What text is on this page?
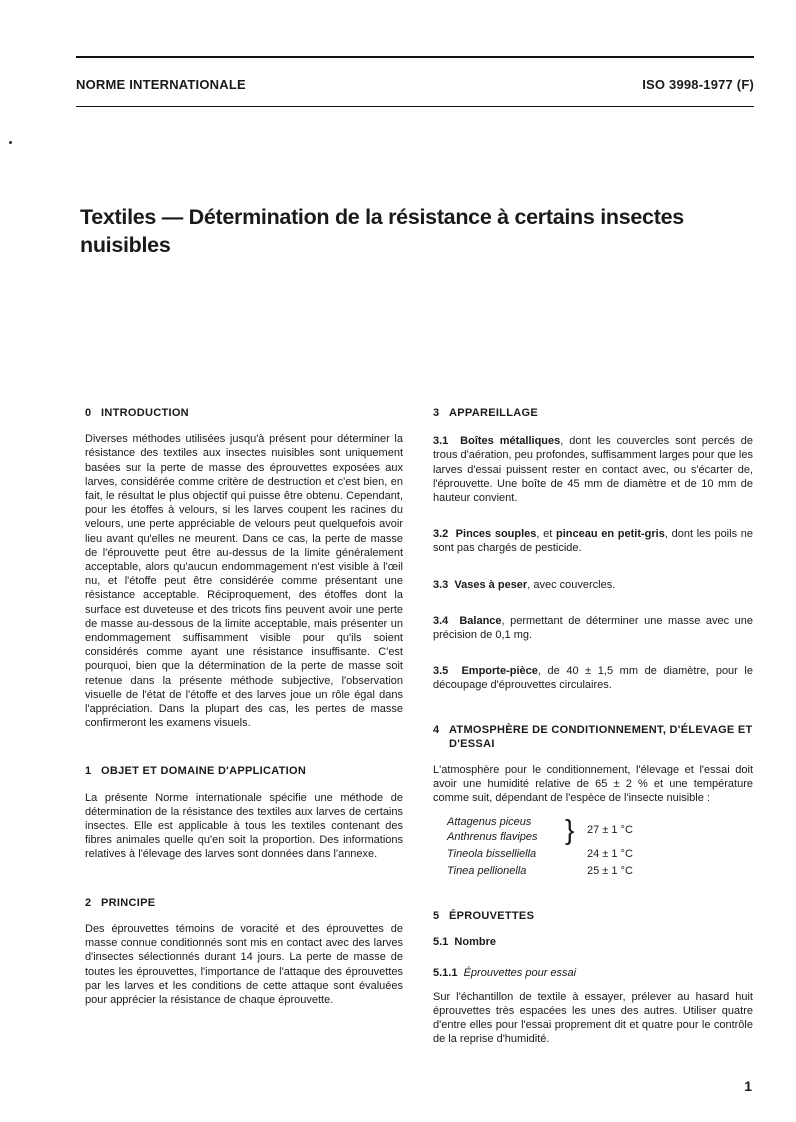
NORME INTERNATIONALE	ISO 3998-1977 (F)
Textiles — Détermination de la résistance à certains insectes nuisibles
0 INTRODUCTION

Diverses méthodes utilisées jusqu'à présent pour déterminer la résistance des textiles aux insectes nuisibles sont uniquement basées sur la perte de masse des éprouvettes exposées aux larves, considérée comme critère de destruction et c'est bien, en fait, le résultat le plus objectif qui puisse être obtenu. Cependant, pour les étoffes à velours, si les larves coupent les racines du velours, une perte appréciable de velours peut quelquefois avoir lieu avant qu'elles ne meurent. Dans ce cas, la perte de masse de l'éprouvette peut être au-dessus de la limite généralement acceptable, alors qu'aucun endommagement n'est visible à l'œil nu, et l'étoffe peut être considérée comme présentant une résistance acceptable. Réciproquement, des étoffes dont la surface est duveteuse et des tricots fins peuvent avoir une perte de masse au-dessous de la limite acceptable, mais présenter un endommagement suffisamment visible pour qu'ils soient considérés comme ayant une résistance insuffisante. C'est pourquoi, bien que la détermination de la perte de masse soit retenue dans la présente méthode subjective, l'observation visuelle de l'état de l'étoffe et des larves joue un rôle égal dans l'appréciation. Dans la plupart des cas, les pertes de masse confirmeront les examens visuels.

1 OBJET ET DOMAINE D'APPLICATION

La présente Norme internationale spécifie une méthode de détermination de la résistance des textiles aux larves de certains insectes. Elle est applicable à tous les textiles contenant des fibres animales quelle qu'en soit la proportion. Des informations relatives à l'élevage des larves sont données dans l'annexe.

2 PRINCIPE

Des éprouvettes témoins de voracité et des éprouvettes de masse connue conditionnés sont mis en contact avec des larves d'insectes sélectionnés durant 14 jours. La perte de masse de toutes les éprouvettes, l'importance de l'attaque des éprouvettes par les larves et les conditions de cette attaque sont évaluées pour apprécier la résistance de chaque éprouvette.

3 APPAREILLAGE

3.1 Boîtes métalliques, dont les couvercles sont percés de trous d'aération, peu profondes, suffisamment larges pour que les larves d'essai puissent rester en contact avec, ou s'écarter de, l'éprouvette. Une boîte de 45 mm de diamètre et de 10 mm de hauteur convient.

3.2 Pinces souples, et pinceau en petit-gris, dont les poils ne sont pas chargés de pesticide.

3.3 Vases à peser, avec couvercles.

3.4 Balance, permettant de déterminer une masse avec une précision de 0,1 mg.

3.5 Emporte-pièce, de 40 ± 1,5 mm de diamètre, pour le découpage d'éprouvettes circulaires.

4 ATMOSPHÈRE DE CONDITIONNEMENT, D'ÉLEVAGE ET D'ESSAI

L'atmosphère pour le conditionnement, l'élevage et l'essai doit avoir une humidité relative de 65 ± 2 % et une température comme suit, dépendant de l'espèce de l'insecte nuisible :

Attagenus piceus
Anthrenus flavipes }	27 ± 1 °C
Tineola bisselliella	24 ± 1 °C
Tinea pellionella	25 ± 1 °C
5 ÉPROUVETTES
5.1  Nombre
5.1.1 Éprouvettes pour essai

Sur l'échantillon de textile à essayer, prélever au hasard huit éprouvettes très espacées les unes des autres. Utiliser quatre d'entre elles pour l'essai proprement dit et quatre pour le contrôle de la reprise d'humidité.

1
